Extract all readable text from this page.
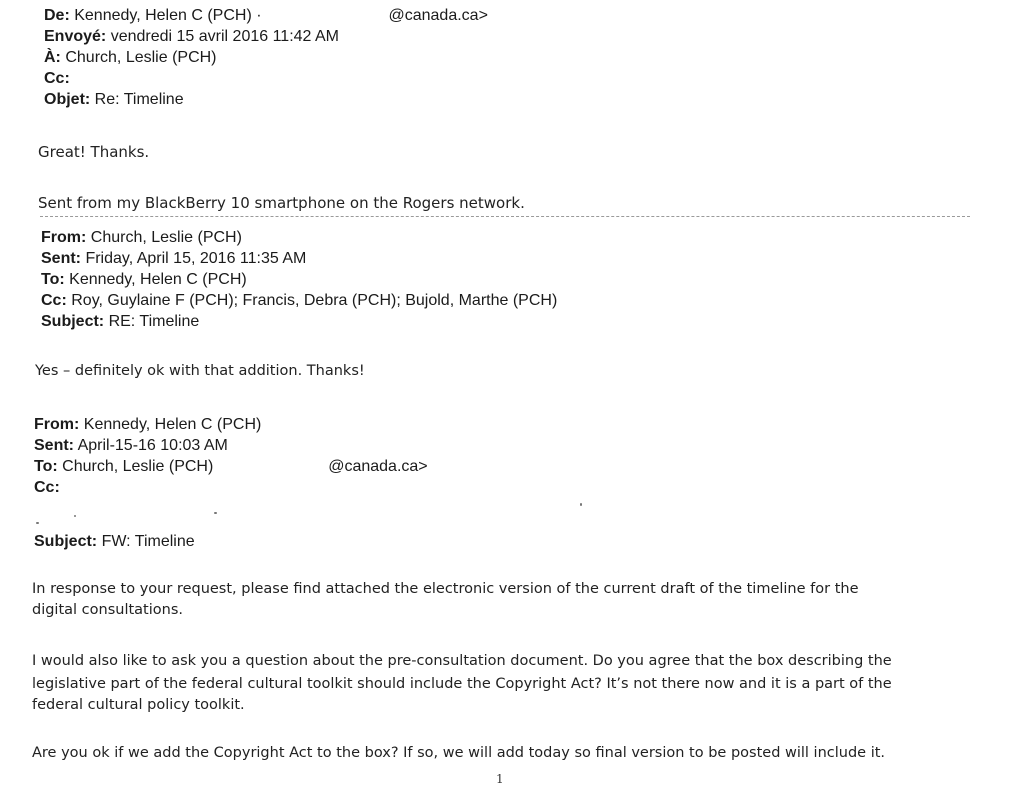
De: Kennedy, Helen C (PCH) ·	@canada.ca>
Envoyé: vendredi 15 avril 2016 11:42 AM
À: Church, Leslie (PCH)
Cc:
Objet: Re: Timeline
Great! Thanks.
Sent from my BlackBerry 10 smartphone on the Rogers network.
From: Church, Leslie (PCH)
Sent: Friday, April 15, 2016 11:35 AM
To: Kennedy, Helen C (PCH)
Cc: Roy, Guylaine F (PCH); Francis, Debra (PCH); Bujold, Marthe (PCH)
Subject: RE: Timeline
Yes – definitely ok with that addition. Thanks!
From: Kennedy, Helen C (PCH)
Sent: April-15-16 10:03 AM
To: Church, Leslie (PCH)	@canada.ca>
Cc:
Subject: FW: Timeline
In response to your request, please find attached the electronic version of the current draft of the timeline for the
digital consultations.
I would also like to ask you a question about the pre-consultation document. Do you agree that the box describing the
legislative part of the federal cultural toolkit should include the Copyright Act? It’s not there now and it is a part of the
federal cultural policy toolkit.
Are you ok if we add the Copyright Act to the box? If so, we will add today so final version to be posted will include it.
1
